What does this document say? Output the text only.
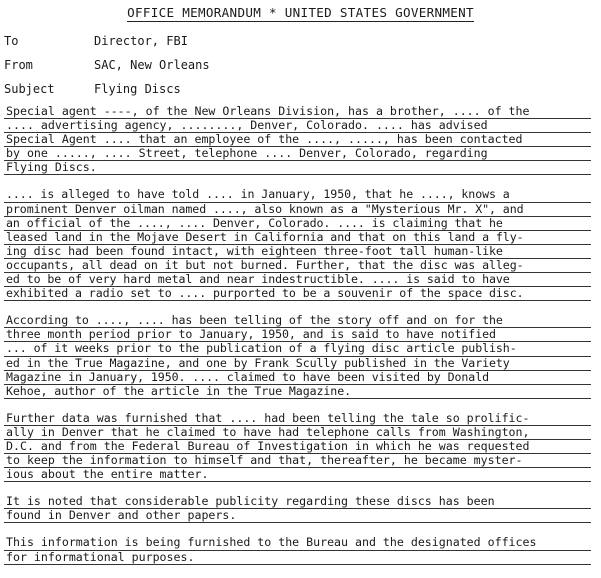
OFFICE MEMORANDUM * UNITED STATES GOVERNMENT
To	Director, FBI
From	SAC, New Orleans
Subject	Flying Discs
Special agent ----, of the New Orleans Division, has a brother, .... of the
.... advertising agency, ........, Denver, Colorado. .... has advised
Special Agent .... that an employee of the ...., ....., has been contacted
by one ....., .... Street, telephone .... Denver, Colorado, regarding
Flying Discs.
.... is alleged to have told .... in January, 1950, that he ...., knows a
prominent Denver oilman named ...., also known as a "Mysterious Mr. X", and
an official of the ...., .... Denver, Colorado. .... is claiming that he
leased land in the Mojave Desert in California and that on this land a fly-
ing disc had been found intact, with eighteen three-foot tall human-like
occupants, all dead on it but not burned. Further, that the disc was alleg-
ed to be of very hard metal and near indestructible. .... is said to have
exhibited a radio set to .... purported to be a souvenir of the space disc.
According to ...., .... has been telling of the story off and on for the
three month period prior to January, 1950, and is said to have notified
... of it weeks prior to the publication of a flying disc article publish-
ed in the True Magazine, and one by Frank Scully published in the Variety
Magazine in January, 1950. .... claimed to have been visited by Donald
Kehoe, author of the article in the True Magazine.
Further data was furnished that .... had been telling the tale so prolific-
ally in Denver that he claimed to have had telephone calls from Washington,
D.C. and from the Federal Bureau of Investigation in which he was requested
to keep the information to himself and that, thereafter, he became myster-
ious about the entire matter.
It is noted that considerable publicity regarding these discs has been
found in Denver and other papers.
This information is being furnished to the Bureau and the designated offices
for informational purposes.
